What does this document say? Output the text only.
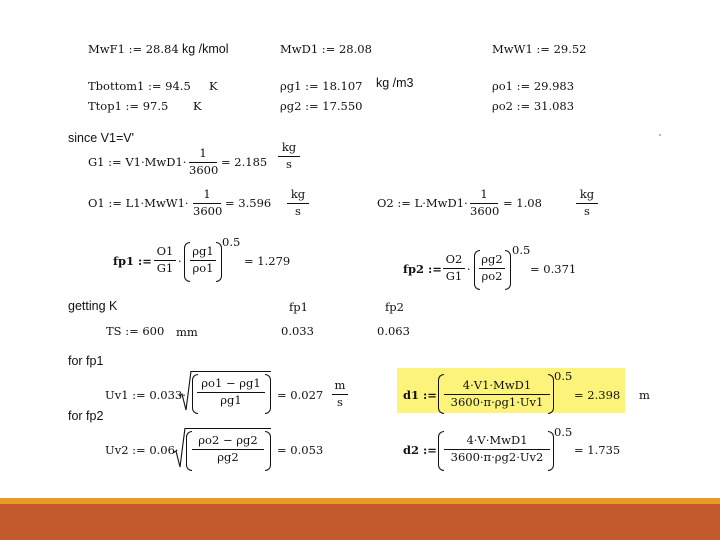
MwF1 := 28.84 kg /kmol	MwD1 := 28.08	MwW1 := 29.52
Tbottom1 := 94.5 K	ρg1 := 18.107 kg /m3	ρo1 := 29.983
Ttop1 := 97.5 K	ρg2 := 17.550	ρo2 := 31.083
since V1=V'
G1 := V1·MwD1·
1
3600
= 2.185
kg
s
O1 := L1·MwW1·
1
3600
= 3.596
kg
s
O2 := L·MwD1·
1
3600
= 1.08
kg
s
fp1 :=
O1
G1 ·
ρg1
ρo1
0.5
= 1.279
fp2 :=
O2
G1 ·
ρg2
ρo2
0.5
= 0.371
getting K	fp1	fp2
TS := 600 mm	0.033	0.063
for fp1
Uv1 := 0.033·
ρo1 − ρg1
ρg1	= 0.027
m
s	d1 :=
4·V1·MwD1
3600·π·ρg1·Uv1
0.5
= 2.398 m
for fp2
Uv2 := 0.06·
ρo2 − ρg2
ρg2	= 0.053	d2 :=
4·V·MwD1
3600·π·ρg2·Uv2
0.5
= 1.735
